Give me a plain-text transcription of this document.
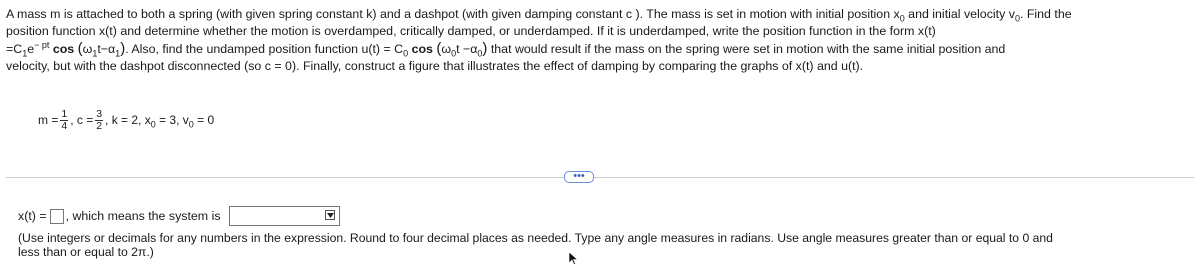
A mass m is attached to both a spring (with given spring constant k) and a dashpot (with given damping constant c ). The mass is set in motion with initial position $x_0$ and initial velocity $v_0$. Find the

position function x(t) and determine whether the motion is overdamped, critically damped, or underdamped. If it is underdamped, write the position function in the form x(t)

$=C_1e^{- pt}$ $\cos (\omega_1t-\alpha_1)$. Also, find the undamped position function $u(t) = C_0$ $\cos (\omega_0t -\alpha_0)$ that would result if the mass on the spring were set in motion with the same initial position and

velocity, but with the dashpot disconnected (so c = 0). Finally, construct a figure that illustrates the effect of damping by comparing the graphs of x(t) and u(t).

$m = \frac{1}{4}$ , $c = \frac{3}{2}$ , k = 2, $x_0 = 3$, $v_0 = 0$
•••
x(t) = , which means the system is
(Use integers or decimals for any numbers in the expression. Round to four decimal places as needed. Type any angle measures in radians. Use angle measures greater than or equal to 0 and
less than or equal to 2π.)
